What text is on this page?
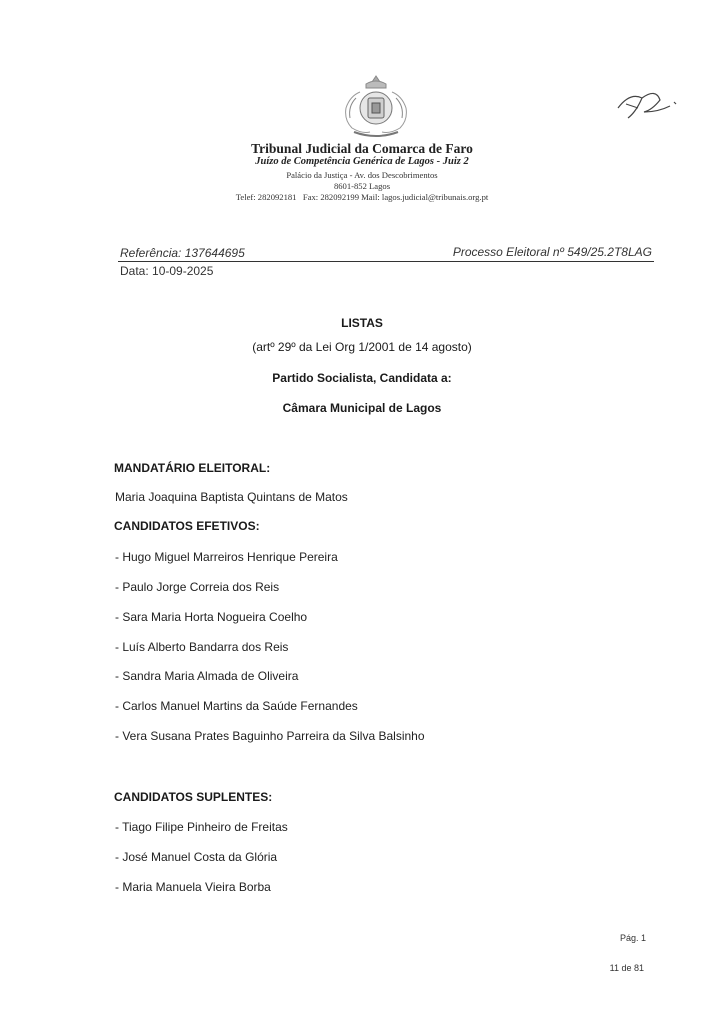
Tribunal Judicial da Comarca de Faro
Juízo de Competência Genérica de Lagos - Juiz 2
Palácio da Justiça - Av. dos Descobrimentos
8601-852 Lagos
Telef: 282092181   Fax: 282092199 Mail: lagos.judicial@tribunais.org.pt
Referência: 137644695	Processo Eleitoral nº 549/25.2T8LAG
Data: 10-09-2025
LISTAS
(artº 29º da Lei Org 1/2001 de 14 agosto)
Partido Socialista, Candidata a:
Câmara Municipal de Lagos
MANDATÁRIO ELEITORAL:
Maria Joaquina Baptista Quintans de Matos
CANDIDATOS EFETIVOS:
- Hugo Miguel Marreiros Henrique Pereira
- Paulo Jorge Correia dos Reis
- Sara Maria Horta Nogueira Coelho
- Luís Alberto Bandarra dos Reis
- Sandra Maria Almada de Oliveira
- Carlos Manuel Martins da Saúde Fernandes
- Vera Susana Prates Baguinho Parreira da Silva Balsinho
CANDIDATOS SUPLENTES:
- Tiago Filipe Pinheiro de Freitas
- José Manuel Costa da Glória
- Maria Manuela Vieira Borba
Pág. 1
11 de 81
